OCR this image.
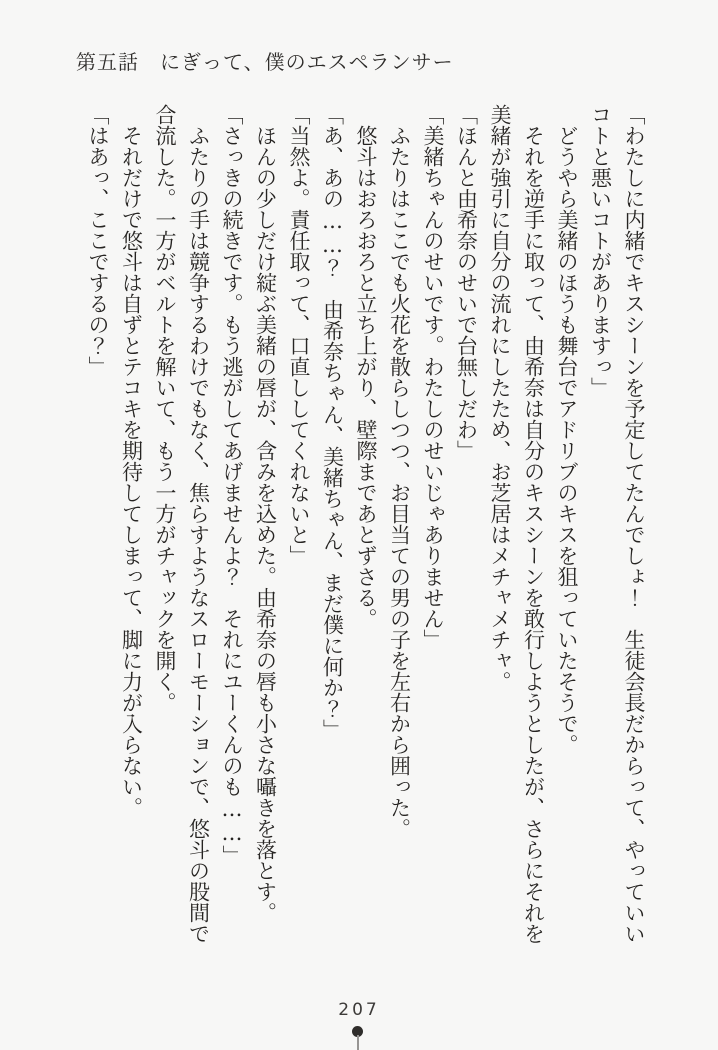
第五話　にぎって、僕のエスペランサー

「わたしに内緒でキスシーンを予定してたんでしょ！　生徒会長だからって、やっていい

コトと悪いコトがありますっ」

どうやら美緒のほうも舞台でアドリブのキスを狙っていたそうで。

それを逆手に取って、由希奈は自分のキスシーンを敢行しようとしたが、さらにそれを

美緒が強引に自分の流れにしたため、お芝居はメチャメチャ。

「ほんと由希奈のせいで台無しだわ」

「美緒ちゃんのせいです。わたしのせいじゃありません」

ふたりはここでも火花を散らしつつ、お目当ての男の子を左右から囲った。

悠斗はおろおろと立ち上がり、壁際まであとずさる。

「あ、あの……？　由希奈ちゃん、美緒ちゃん、まだ僕に何か？」

「当然よ。責任取って、口直ししてくれないと」

ほんの少しだけ綻ぶ美緒の唇が、含みを込めた。由希奈の唇も小さな囁きを落とす。

「さっきの続きです。もう逃がしてあげませんよ？　それにユーくんのも……」

ふたりの手は競争するわけでもなく、焦らすようなスローモーションで、悠斗の股間で

合流した。一方がベルトを解いて、もう一方がチャックを開く。

それだけで悠斗は自ずとテコキを期待してしまって、脚に力が入らない。

「はあっ、ここでするの？」

207
